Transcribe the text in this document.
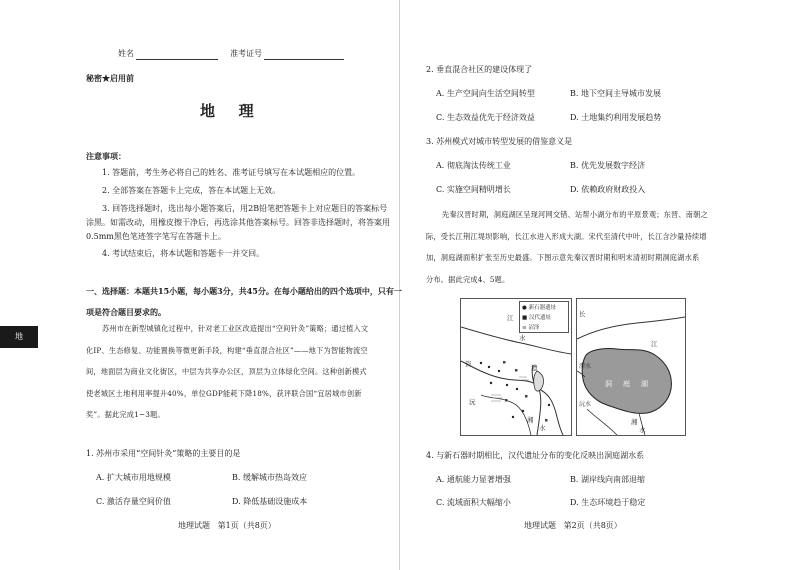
姓名	准考证号
秘密★启用前
地   理
注意事项：
1. 答题前，考生务必将自己的姓名、准考证号填写在本试题相应的位置。
2. 全部答案在答题卡上完成，答在本试题上无效。
3. 回答选择题时，选出每小题答案后，用2B铅笔把答题卡上对应题目的答案标号
涂黑。如需改动，用橡皮擦干净后，再选涂其他答案标号。回答非选择题时，将答案用
0.5mm黑色笔迹签字笔写在答题卡上。
4. 考试结束后，将本试题和答题卡一并交回。
一、选择题：本题共15小题，每小题3分，共45分。在每小题给出的四个选项中，只有一
项是符合题目要求的。
地
苏州市在新型城镇化过程中，针对老工业区改造提出“空间针灸”策略；通过植入文
化IP、生态修复、功能置换等微更新手段，构建“垂直混合社区”——地下为智能物流空
间，地面层为商业文化街区，中层为共享办公区，顶层为立体绿化空间。这种创新模式
使老城区土地利用率提升40%，单位GDP能耗下降18%，获评联合国“宜居城市创新
奖”。据此完成1~3题。
1. 苏州市采用“空间针灸”策略的主要目的是
A. 扩大城市用地规模	B. 缓解城市热岛效应
C. 激活存量空间价值	D. 降低基础设施成本
地理试题   第1页（共8页）
2. 垂直混合社区的建设体现了
A. 生产空间向生活空间转型	B. 地下空间主导城市发展
C. 生态效益优先于经济效益	D. 土地集约利用发展趋势
3. 苏州模式对城市转型发展的借鉴意义是
A. 彻底淘汰传统工业	B. 优先发展数字经济
C. 实施空间精明增长	D. 依赖政府财政投入
先秦汉晋时期，洞庭湖区呈现河网交错、站帮小湖分布的平原景观；东晋、南朝之
际，受长江荆江堤坝影响，长江水进入形成大湖。宋代至清代中叶，长江含沙量持续增
加，洞庭湖面积扩张至历史最盛。下图示意先秦汉晋时期和明末清初时期洞庭湖水系
分布。据此完成4、5题。
● 新石器遗址
■ 汉代遗址
≡ 沼泽
江
水
资
沅
澧
湘
水
长
江
澧水
沅水
洞 庭 湖
湘
水
4. 与新石器时期相比，汉代遗址分布的变化反映出洞庭湖水系
A. 通航能力显著增强	B. 湖岸线向南部退缩
C. 流域面积大幅缩小	D. 生态环境趋于稳定
地理试题   第2页（共8页）
